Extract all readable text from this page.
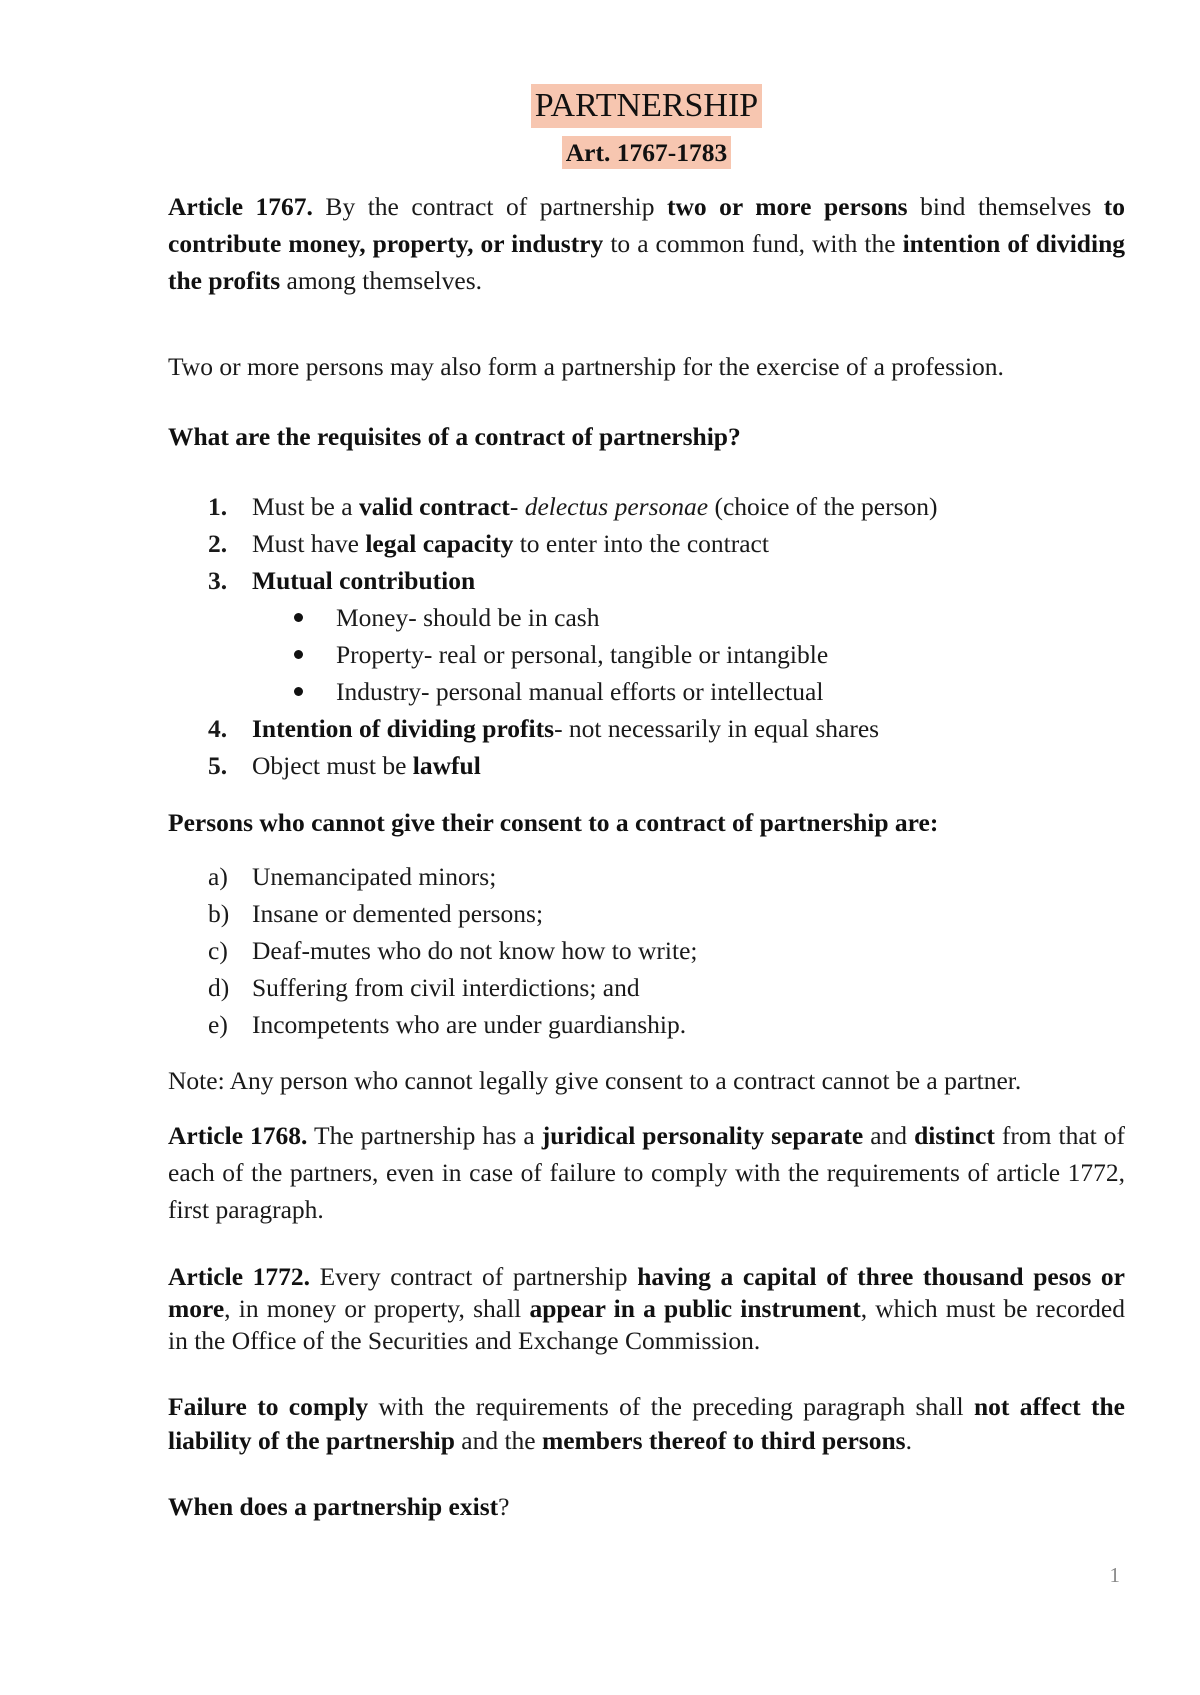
PARTNERSHIP
Art. 1767-1783

Article 1767. By the contract of partnership two or more persons bind themselves to contribute money, property, or industry to a common fund, with the intention of dividing the profits among themselves.

Two or more persons may also form a partnership for the exercise of a profession.

What are the requisites of a contract of partnership?

1. Must be a valid contract- delectus personae (choice of the person)
2. Must have legal capacity to enter into the contract
3. Mutual contribution
Money- should be in cash
Property- real or personal, tangible or intangible
Industry- personal manual efforts or intellectual
4. Intention of dividing profits- not necessarily in equal shares
5. Object must be lawful

Persons who cannot give their consent to a contract of partnership are:

a) Unemancipated minors;
b) Insane or demented persons;
c) Deaf-mutes who do not know how to write;
d) Suffering from civil interdictions; and
e) Incompetents who are under guardianship.

Note: Any person who cannot legally give consent to a contract cannot be a partner.

Article 1768. The partnership has a juridical personality separate and distinct from that of each of the partners, even in case of failure to comply with the requirements of article 1772, first paragraph.

Article 1772. Every contract of partnership having a capital of three thousand pesos or more, in money or property, shall appear in a public instrument, which must be recorded in the Office of the Securities and Exchange Commission.

Failure to comply with the requirements of the preceding paragraph shall not affect the liability of the partnership and the members thereof to third persons.

When does a partnership exist?

1
